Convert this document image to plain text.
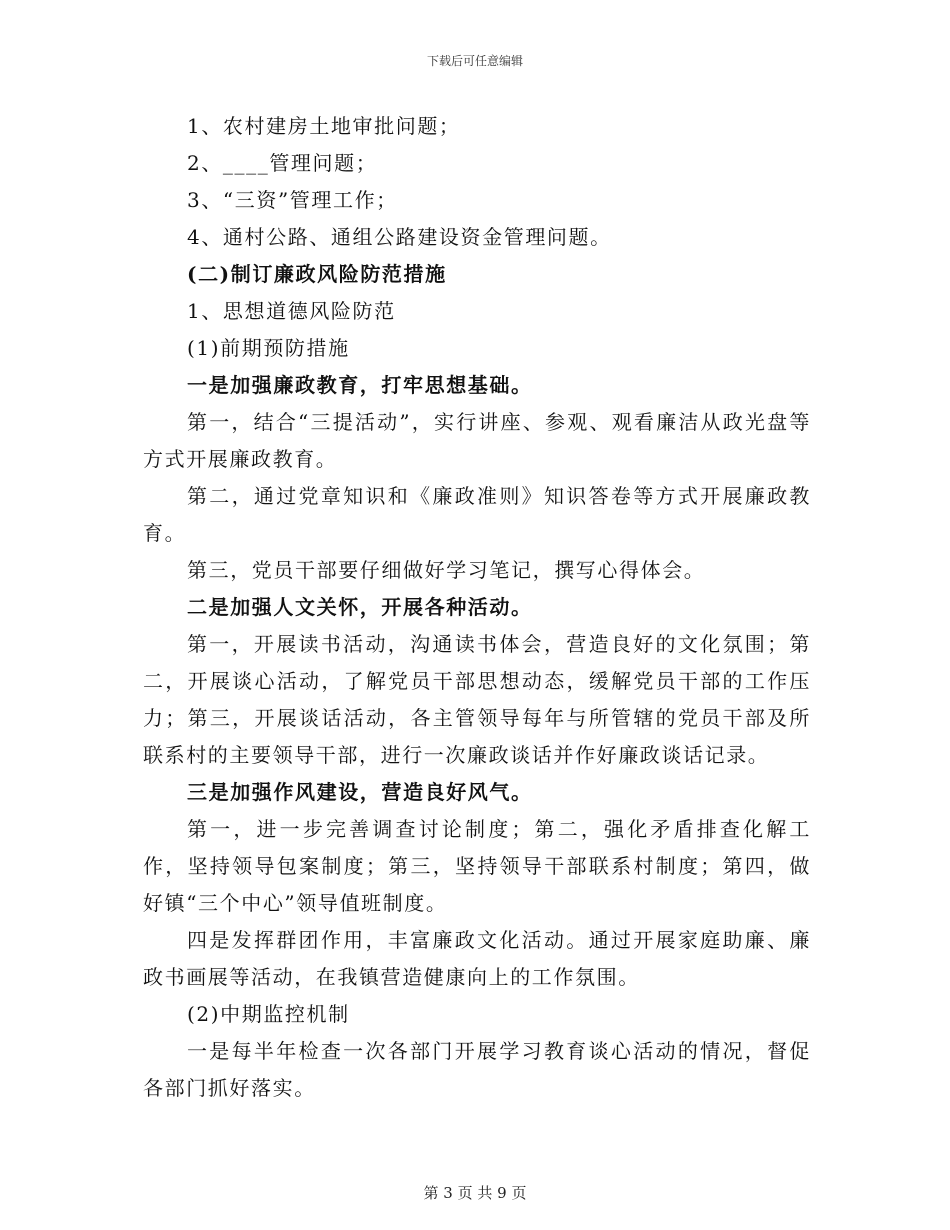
下载后可任意编辑

1、农村建房土地审批问题；

2、____管理问题；

3、“三资”管理工作；

4、通村公路、通组公路建设资金管理问题。

(二)制订廉政风险防范措施

1、思想道德风险防范

(1)前期预防措施

一是加强廉政教育，打牢思想基础。

第一，结合“三提活动”，实行讲座、参观、观看廉洁从政光盘等方式开展廉政教育。

第二，通过党章知识和《廉政准则》知识答卷等方式开展廉政教育。

第三，党员干部要仔细做好学习笔记，撰写心得体会。

二是加强人文关怀，开展各种活动。

第一，开展读书活动，沟通读书体会，营造良好的文化氛围；第二，开展谈心活动，了解党员干部思想动态，缓解党员干部的工作压力；第三，开展谈话活动，各主管领导每年与所管辖的党员干部及所联系村的主要领导干部，进行一次廉政谈话并作好廉政谈话记录。

三是加强作风建设，营造良好风气。

第一，进一步完善调查讨论制度；第二，强化矛盾排查化解工作，坚持领导包案制度；第三，坚持领导干部联系村制度；第四，做好镇“三个中心”领导值班制度。

四是发挥群团作用，丰富廉政文化活动。通过开展家庭助廉、廉政书画展等活动，在我镇营造健康向上的工作氛围。

(2)中期监控机制

一是每半年检查一次各部门开展学习教育谈心活动的情况，督促各部门抓好落实。

第 3 页 共 9 页
